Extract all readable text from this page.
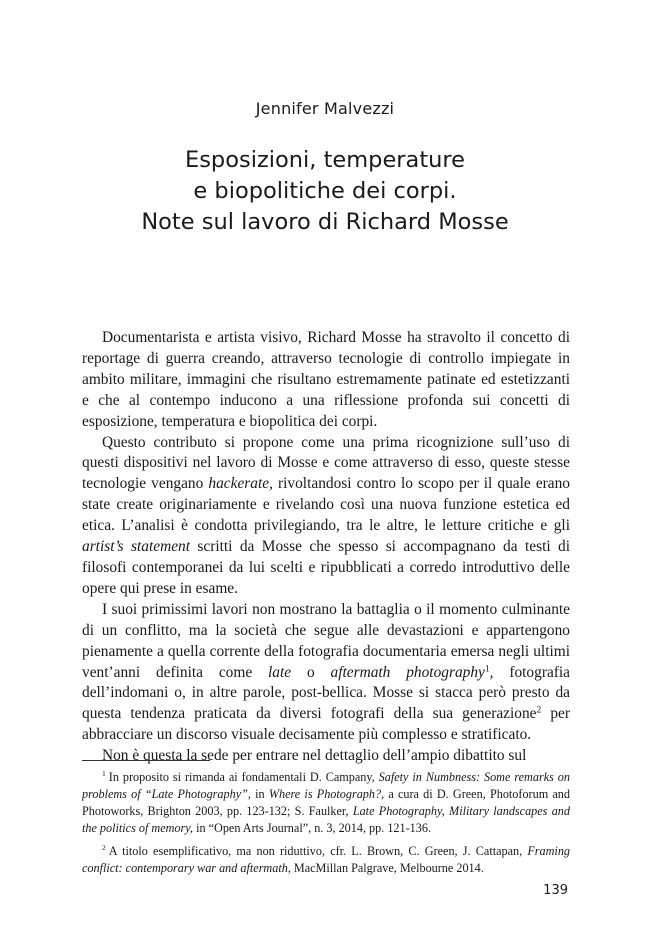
Jennifer Malvezzi
Esposizioni, temperature
e biopolitiche dei corpi.
Note sul lavoro di Richard Mosse

Documentarista e artista visivo, Richard Mosse ha stravolto il concetto di reportage di guerra creando, attraverso tecnologie di controllo impiegate in ambito militare, immagini che risultano estremamente patinate ed estetizzanti e che al contempo inducono a una riflessione profonda sui concetti di esposizione, temperatura e biopolitica dei corpi.

Questo contributo si propone come una prima ricognizione sull’uso di questi dispositivi nel lavoro di Mosse e come attraverso di esso, queste stesse tecnologie vengano hackerate, rivoltandosi contro lo scopo per il quale erano state create originariamente e rivelando così una nuova funzione estetica ed etica. L’analisi è condotta privilegiando, tra le altre, le letture critiche e gli artist’s statement scritti da Mosse che spesso si accompagnano da testi di filosofi contemporanei da lui scelti e ripubblicati a corredo introduttivo delle opere qui prese in esame.

I suoi primissimi lavori non mostrano la battaglia o il momento culminante di un conflitto, ma la società che segue alle devastazioni e appartengono pienamente a quella corrente della fotografia documentaria emersa negli ultimi vent’anni definita come late o aftermath photography$^1$, fotografia dell’indomani o, in altre parole, post-bellica. Mosse si stacca però presto da questa tendenza praticata da diversi fotografi della sua generazione$^2$ per abbracciare un discorso visuale decisamente più complesso e stratificato.

Non è questa la sede per entrare nel dettaglio dell’ampio dibattito sul

$^1$ In proposito si rimanda ai fondamentali D. Campany, Safety in Numbness: Some remarks on problems of “Late Photography”, in Where is Photograph?, a cura di D. Green, Photoforum and Photoworks, Brighton 2003, pp. 123-132; S. Faulker, Late Photography, Military landscapes and the politics of memory, in “Open Arts Journal”, n. 3, 2014, pp. 121-136.

$^2$ A titolo esemplificativo, ma non riduttivo, cfr. L. Brown, C. Green, J. Cattapan, Framing conflict: contemporary war and aftermath, MacMillan Palgrave, Melbourne 2014.

139
